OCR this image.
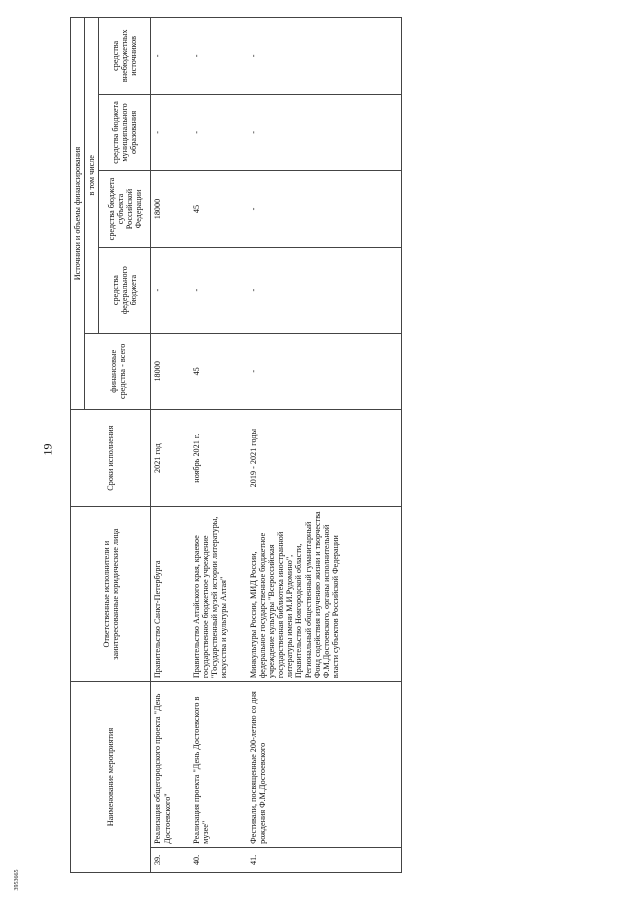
19
3953665
Наименование мероприятия		Ответственные исполнители и заинтересованные юридические лица	Сроки исполнения	Источники и объемы финансирования				
				финансовые средства - всего	в том числе			
					средства федерального бюджета	средства бюджета субъекта Российской Федерации	средства бюджета муниципального образования	средства внебюджетных источников
39.	Реализация общегородского проекта "День Достоевского"	Правительство Санкт-Петербурга	2021 год	18000	-	18000	-	-
40.	Реализация проекта "День Достоевского в музее"	Правительство Алтайского края, краевое государственное бюджетное учреждение "Государственный музей истории литературы, искусства и культуры Алтая"	ноябрь 2021 г.	45	-	45	-	-
41.	Фестивали, посвященные 200-летию со дня рождения Ф.М.Достоевского	Минкультуры России, МИД России, федеральное государственное бюджетное учреждение культуры "Всероссийская государственная библиотека иностранной литературы имени М.И.Рудомино", Правительство Новгородской области, Региональный общественный гуманитарный Фонд содействия изучению жизни и творчества Ф.М.Достоевского, органы исполнительной власти субъектов Российской Федерации	2019 - 2021 годы	-	-	-	-	-
